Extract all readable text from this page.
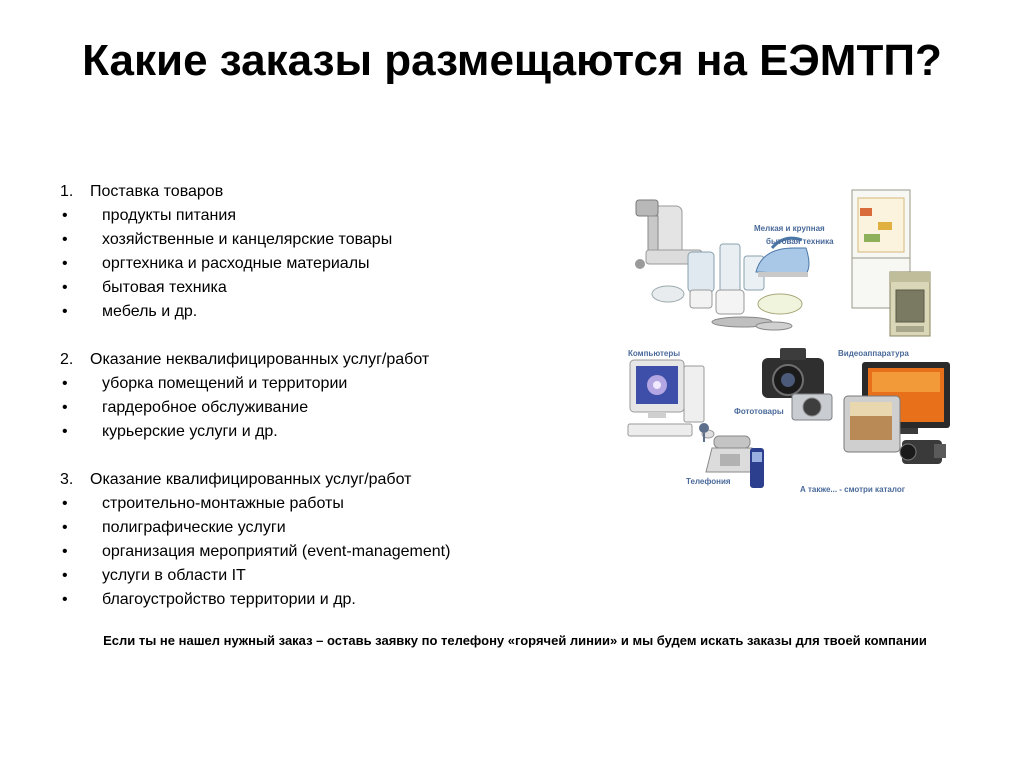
Какие заказы размещаются на ЕЭМТП?
1.	Поставка товаров
•	продукты питания
•	хозяйственные и канцелярские товары
•	оргтехника и расходные материалы
•	бытовая техника
•	мебель и др.
2.	Оказание неквалифицированных услуг/работ
•	уборка помещений и территории
•	гардеробное обслуживание
•	курьерские услуги и др.
3.	Оказание квалифицированных услуг/работ
•	строительно-монтажные работы
•	полиграфические услуги
•	организация мероприятий (event-management)
•	услуги в области IT
•	благоустройство территории и др.
Мелкая и крупная
бытовая техника
Компьютеры
Фототовары
Видеоаппаратура
Телефония
А также... - смотри каталог
Если ты не нашел нужный заказ – оставь заявку по телефону «горячей линии» и мы будем искать заказы для твоей компании
